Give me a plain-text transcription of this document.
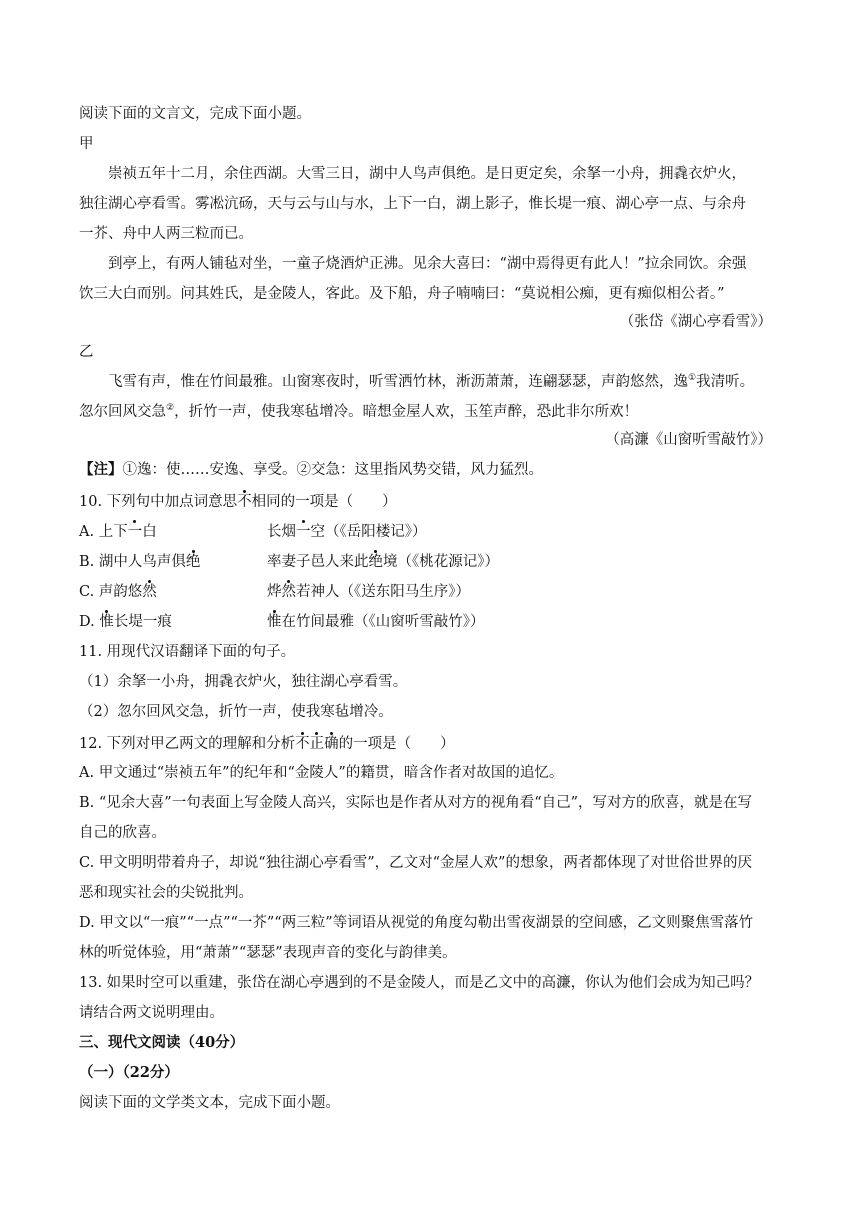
阅读下面的文言文，完成下面小题。
甲
崇祯五年十二月，余住西湖。大雪三日，湖中人鸟声俱绝。是日更定矣，余拏一小舟，拥毳衣炉火，
独往湖心亭看雪。雾凇沆砀，天与云与山与水，上下一白，湖上影子，惟长堤一痕、湖心亭一点、与余舟
一芥、舟中人两三粒而已。
到亭上，有两人铺毡对坐，一童子烧酒炉正沸。见余大喜曰：“湖中焉得更有此人！”拉余同饮。余强
饮三大白而别。问其姓氏，是金陵人，客此。及下船，舟子喃喃曰：“莫说相公痴，更有痴似相公者。”
（张岱《湖心亭看雪》）
乙
飞雪有声，惟在竹间最雅。山窗寒夜时，听雪洒竹林，淅沥萧萧，连翩瑟瑟，声韵悠然，逸①我清听。
忽尔回风交急②，折竹一声，使我寒毡增冷。暗想金屋人欢，玉笙声醉，恐此非尔所欢！
（高濂《山窗听雪敲竹》）
【注】①逸：使……安逸、享受。②交急：这里指风势交错，风力猛烈。
10. 下列句中加点词意思不相同的一项是（　　）
A. 上下一白	长烟一空（《岳阳楼记》）
B. 湖中人鸟声俱绝	率妻子邑人来此绝境（《桃花源记》）
C. 声韵悠然	烨然若神人（《送东阳马生序》）
D. 惟长堤一痕	惟在竹间最雅（《山窗听雪敲竹》）
11. 用现代汉语翻译下面的句子。
（1）余拏一小舟，拥毳衣炉火，独往湖心亭看雪。
（2）忽尔回风交急，折竹一声，使我寒毡增冷。
12. 下列对甲乙两文的理解和分析不正确的一项是（　　）
A. 甲文通过“崇祯五年”的纪年和“金陵人”的籍贯，暗含作者对故国的追忆。
B. “见余大喜”一句表面上写金陵人高兴，实际也是作者从对方的视角看“自己”，写对方的欣喜，就是在写
自己的欣喜。
C. 甲文明明带着舟子，却说“独往湖心亭看雪”，乙文对“金屋人欢”的想象，两者都体现了对世俗世界的厌
恶和现实社会的尖锐批判。
D. 甲文以“一痕”“一点”“一芥”“两三粒”等词语从视觉的角度勾勒出雪夜湖景的空间感，乙文则聚焦雪落竹
林的听觉体验，用“萧萧”“瑟瑟”表现声音的变化与韵律美。
13. 如果时空可以重建，张岱在湖心亭遇到的不是金陵人，而是乙文中的高濂，你认为他们会成为知己吗？
请结合两文说明理由。
三、现代文阅读（40分）
（一）（22分）
阅读下面的文学类文本，完成下面小题。
